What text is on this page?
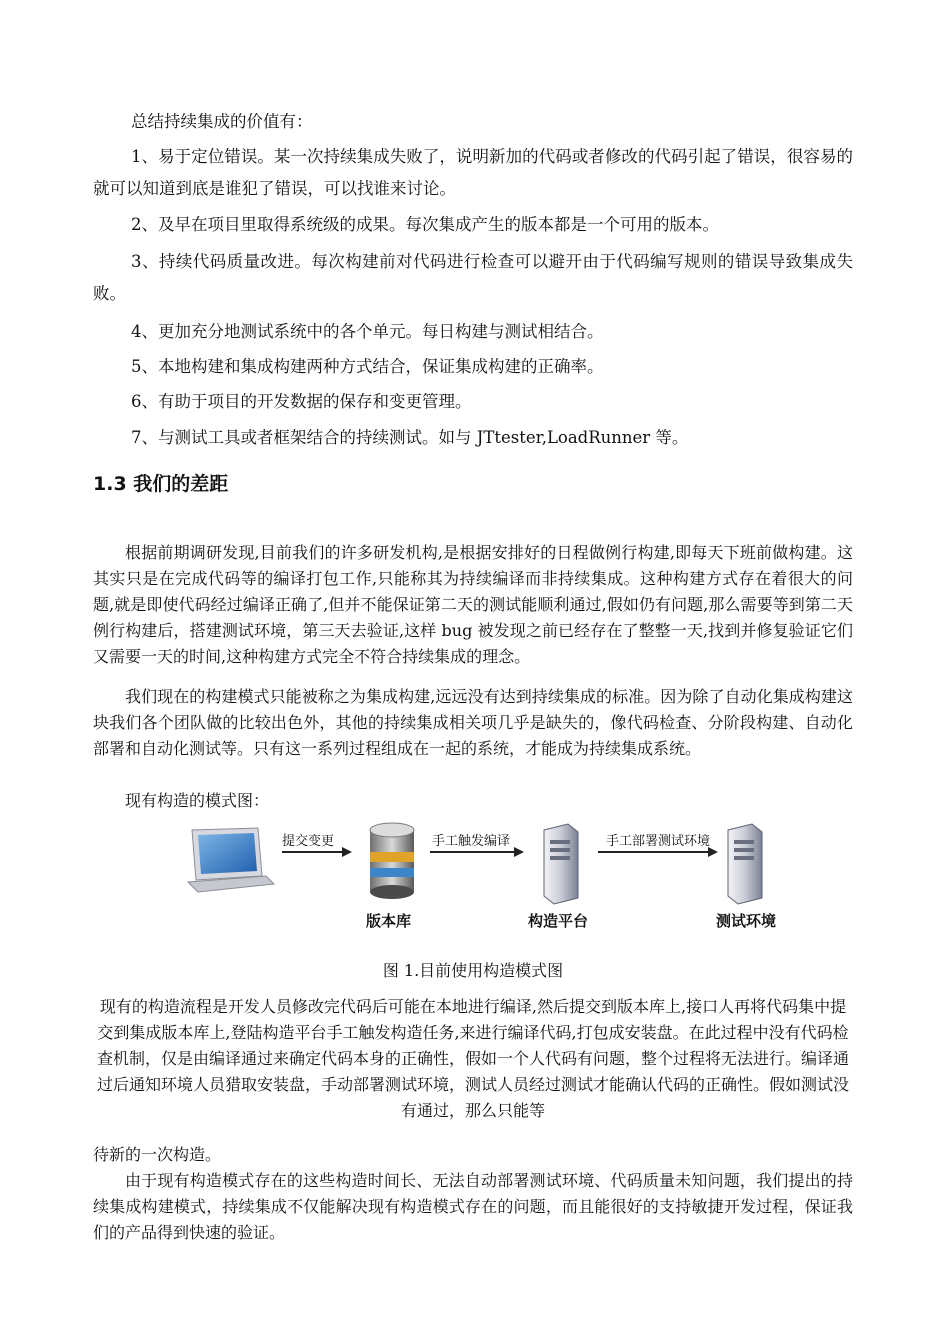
总结持续集成的价值有：
1、易于定位错误。某一次持续集成失败了，说明新加的代码或者修改的代码引起了错误，很容易的就可以知道到底是谁犯了错误，可以找谁来讨论。
2、及早在项目里取得系统级的成果。每次集成产生的版本都是一个可用的版本。
3、持续代码质量改进。每次构建前对代码进行检查可以避开由于代码编写规则的错误导致集成失败。
4、更加充分地测试系统中的各个单元。每日构建与测试相结合。
5、本地构建和集成构建两种方式结合，保证集成构建的正确率。
6、有助于项目的开发数据的保存和变更管理。
7、与测试工具或者框架结合的持续测试。如与 JTtester,LoadRunner 等。
1.3 我们的差距
根据前期调研发现,目前我们的许多研发机构,是根据安排好的日程做例行构建,即每天下班前做构建。这其实只是在完成代码等的编译打包工作,只能称其为持续编译而非持续集成。这种构建方式存在着很大的问题,就是即使代码经过编译正确了,但并不能保证第二天的测试能顺利通过,假如仍有问题,那么需要等到第二天例行构建后，搭建测试环境，第三天去验证,这样 bug 被发现之前已经存在了整整一天,找到并修复验证它们又需要一天的时间,这种构建方式完全不符合持续集成的理念。
我们现在的构建模式只能被称之为集成构建,远远没有达到持续集成的标准。因为除了自动化集成构建这块我们各个团队做的比较出色外，其他的持续集成相关项几乎是缺失的，像代码检查、分阶段构建、自动化部署和自动化测试等。只有这一系列过程组成在一起的系统，才能成为持续集成系统。
现有构造的模式图：
提交变更	手工触发编译	手工部署测试环境
版本库	构造平台	测试环境
图 1.目前使用构造模式图
现有的构造流程是开发人员修改完代码后可能在本地进行编译,然后提交到版本库上,接口人再将代码集中提交到集成版本库上,登陆构造平台手工触发构造任务,来进行编译代码,打包成安装盘。在此过程中没有代码检查机制，仅是由编译通过来确定代码本身的正确性，假如一个人代码有问题，整个过程将无法进行。编译通过后通知环境人员猎取安装盘，手动部署测试环境，测试人员经过测试才能确认代码的正确性。假如测试没有通过，那么只能等
待新的一次构造。
由于现有构造模式存在的这些构造时间长、无法自动部署测试环境、代码质量未知问题，我们提出的持续集成构建模式，持续集成不仅能解决现有构造模式存在的问题，而且能很好的支持敏捷开发过程，保证我们的产品得到快速的验证。
